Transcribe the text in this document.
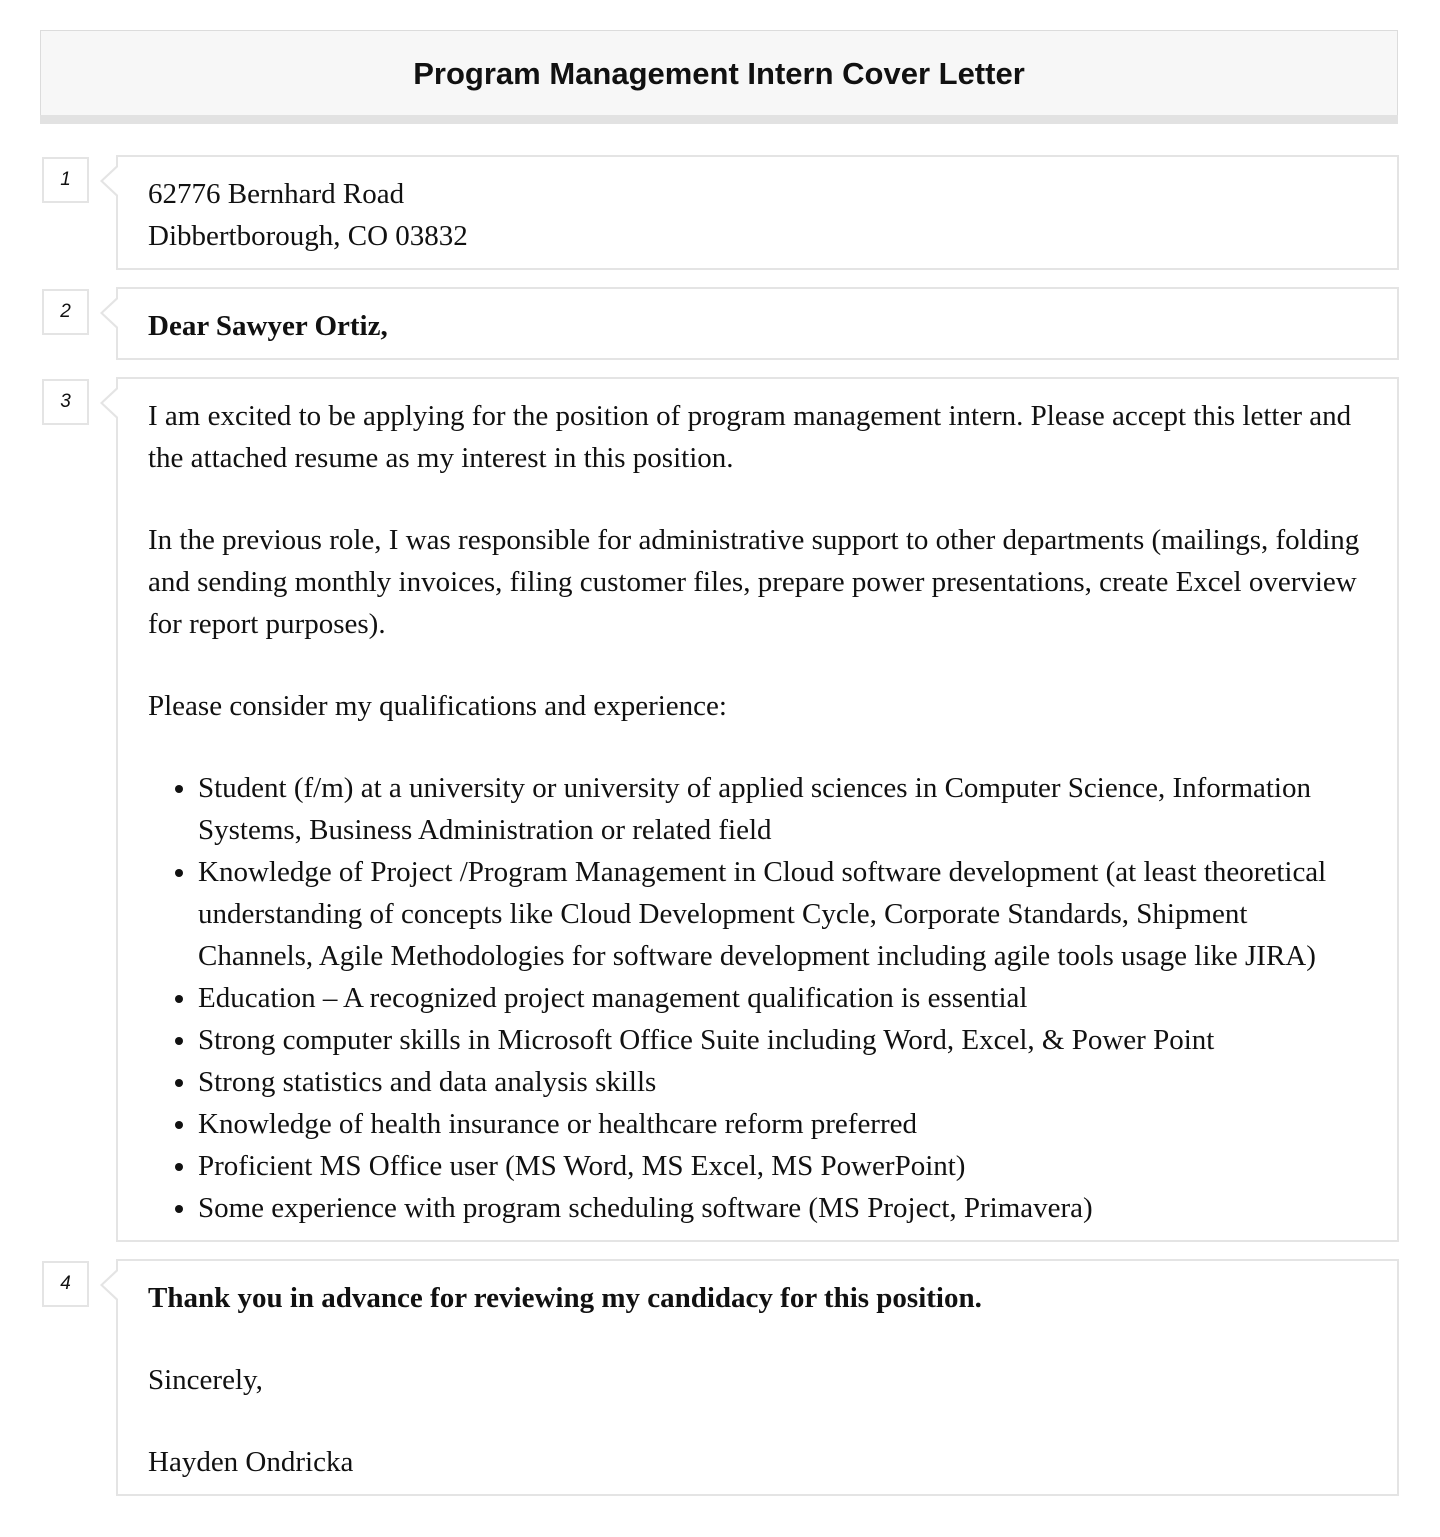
Program Management Intern Cover Letter
1	62776 Bernhard Road

Dibbertborough, CO 03832

2	Dear Sawyer Ortiz,

3	I am excited to be applying for the position of program management intern. Please accept this letter and the attached resume as my interest in this position.

In the previous role, I was responsible for administrative support to other departments (mailings, folding and sending monthly invoices, filing customer files, prepare power presentations, create Excel overview for report purposes).

Please consider my qualifications and experience:

• Student (f/m) at a university or university of applied sciences in Computer Science, Information Systems, Business Administration or related field
• Knowledge of Project /Program Management in Cloud software development (at least theoretical understanding of concepts like Cloud Development Cycle, Corporate Standards, Shipment Channels, Agile Methodologies for software development including agile tools usage like JIRA)
• Education – A recognized project management qualification is essential
• Strong computer skills in Microsoft Office Suite including Word, Excel, & Power Point
• Strong statistics and data analysis skills
• Knowledge of health insurance or healthcare reform preferred
• Proficient MS Office user (MS Word, MS Excel, MS PowerPoint)
• Some experience with program scheduling software (MS Project, Primavera)
4	Thank you in advance for reviewing my candidacy for this position.

Sincerely,

Hayden Ondricka
